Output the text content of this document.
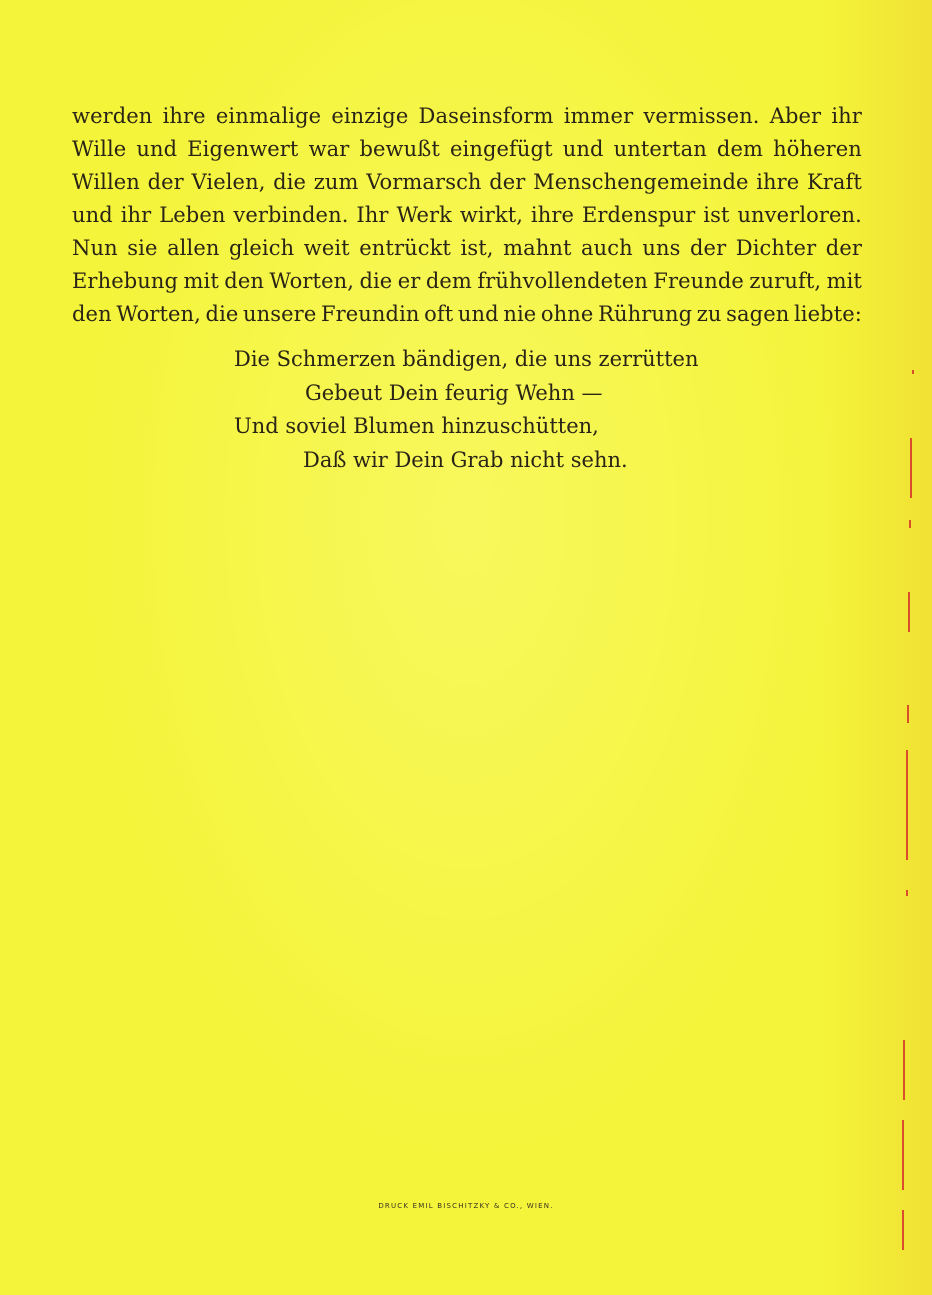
werden ihre einmalige einzige Daseinsform immer vermissen. Aber ihr
Wille und Eigenwert war bewußt eingefügt und untertan dem höheren
Willen der Vielen, die zum Vormarsch der Menschengemeinde ihre Kraft
und ihr Leben verbinden. Ihr Werk wirkt, ihre Erdenspur ist unverloren.
Nun sie allen gleich weit entrückt ist, mahnt auch uns der Dichter der
Erhebung mit den Worten, die er dem frühvollendeten Freunde zuruft, mit
den Worten, die unsere Freundin oft und nie ohne Rührung zu sagen liebte:
Die Schmerzen bändigen, die uns zerrütten
Gebeut Dein feurig Wehn —
Und soviel Blumen hinzuschütten,
Daß wir Dein Grab nicht sehn.
DRUCK EMIL BISCHITZKY & CO., WIEN.
